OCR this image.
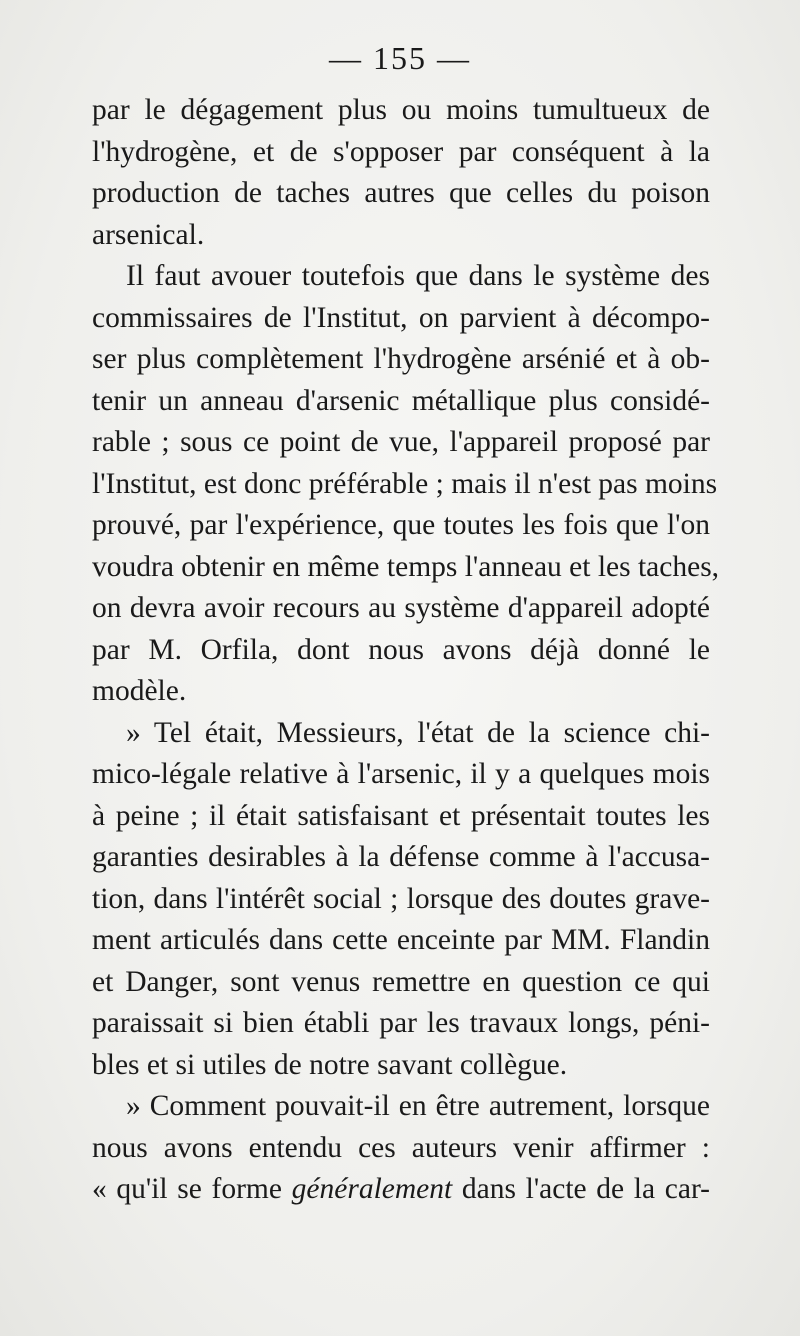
— 155 —
par le dégagement plus ou moins tumultueux de
l'hydrogène, et de s'opposer par conséquent à la
production de taches autres que celles du poison
arsenical.
Il faut avouer toutefois que dans le système des
commissaires de l'Institut, on parvient à décompo-
ser plus complètement l'hydrogène arsénié et à ob-
tenir un anneau d'arsenic métallique plus considé-
rable ; sous ce point de vue, l'appareil proposé par
l'Institut, est donc préférable ; mais il n'est pas moins
prouvé, par l'expérience, que toutes les fois que l'on
voudra obtenir en même temps l'anneau et les taches,
on devra avoir recours au système d'appareil adopté
par M. Orfila, dont nous avons déjà donné le
modèle.
» Tel était, Messieurs, l'état de la science chi-
mico-légale relative à l'arsenic, il y a quelques mois
à peine ; il était satisfaisant et présentait toutes les
garanties desirables à la défense comme à l'accusa-
tion, dans l'intérêt social ; lorsque des doutes grave-
ment articulés dans cette enceinte par MM. Flandin
et Danger, sont venus remettre en question ce qui
paraissait si bien établi par les travaux longs, péni-
bles et si utiles de notre savant collègue.
» Comment pouvait-il en être autrement, lorsque
nous avons entendu ces auteurs venir affirmer :
« qu'il se forme généralement dans l'acte de la car-
